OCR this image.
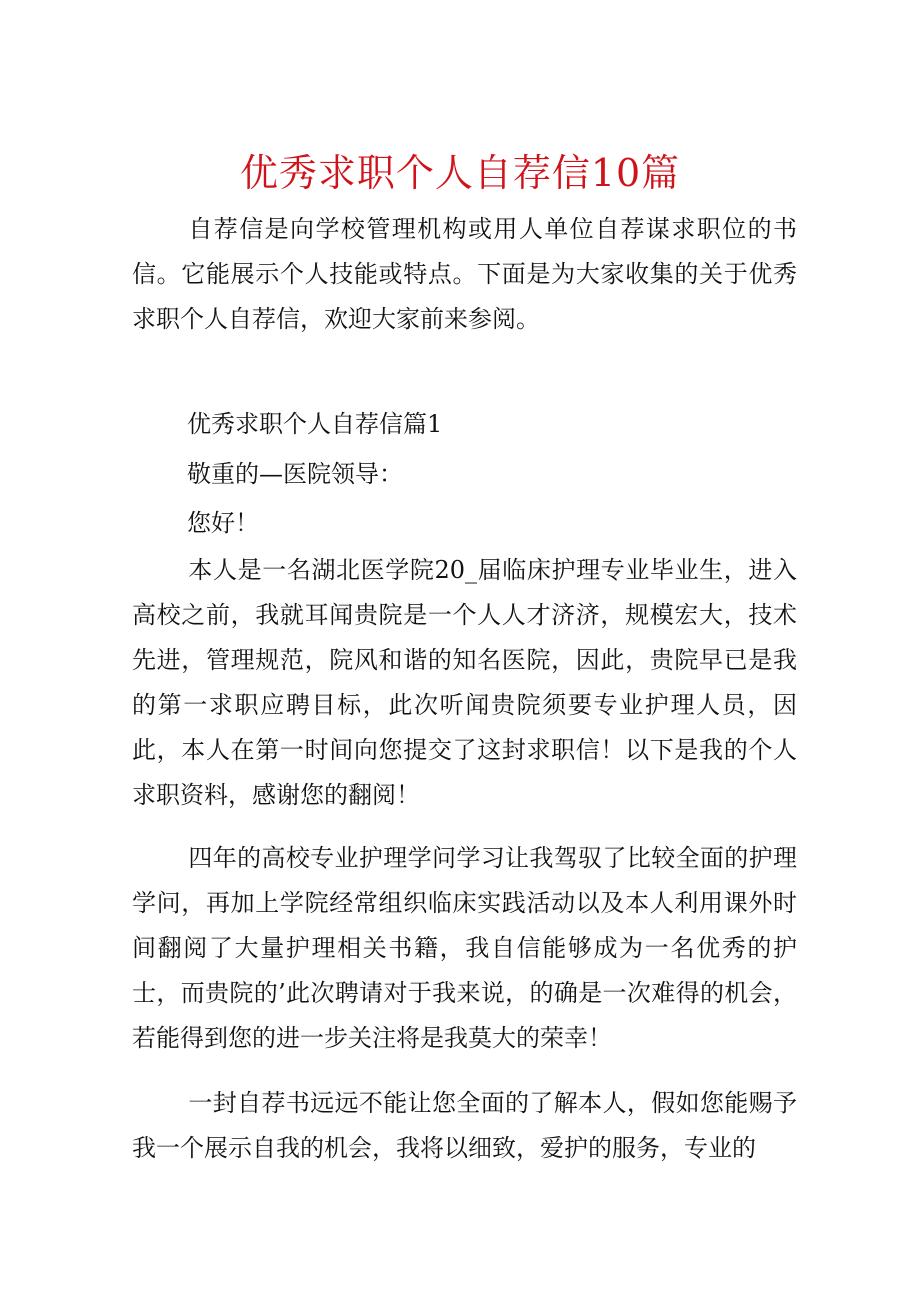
优秀求职个人自荐信10篇

自荐信是向学校管理机构或用人单位自荐谋求职位的书信。它能展示个人技能或特点。下面是为大家收集的关于优秀求职个人自荐信，欢迎大家前来参阅。

优秀求职个人自荐信篇1

敬重的—医院领导：

您好！

本人是一名湖北医学院20_届临床护理专业毕业生，进入高校之前，我就耳闻贵院是一个人人才济济，规模宏大，技术先进，管理规范，院风和谐的知名医院，因此，贵院早已是我的第一求职应聘目标，此次听闻贵院须要专业护理人员，因此，本人在第一时间向您提交了这封求职信！以下是我的个人求职资料，感谢您的翻阅！

四年的高校专业护理学问学习让我驾驭了比较全面的护理学问，再加上学院经常组织临床实践活动以及本人利用课外时间翻阅了大量护理相关书籍，我自信能够成为一名优秀的护士，而贵院的’此次聘请对于我来说，的确是一次难得的机会，若能得到您的进一步关注将是我莫大的荣幸！

一封自荐书远远不能让您全面的了解本人，假如您能赐予我一个展示自我的机会，我将以细致，爱护的服务，专业的
